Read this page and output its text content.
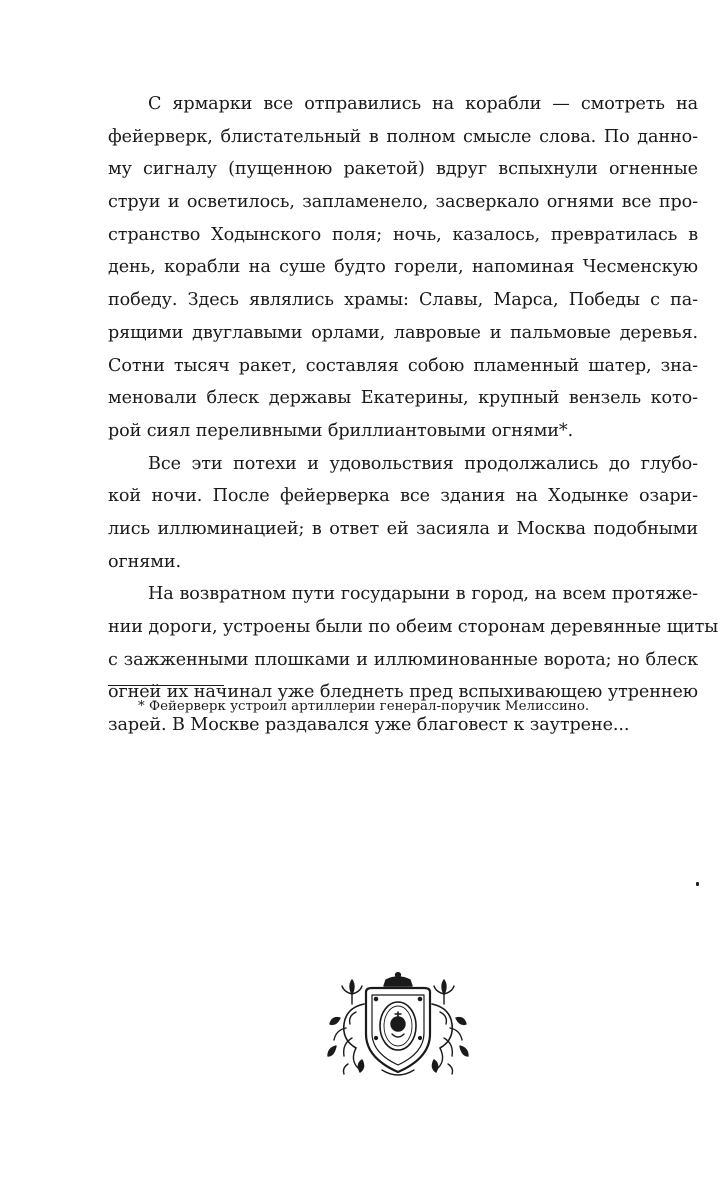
С ярмарки все отправились на корабли — смотреть на
фейерверк, блистательный в полном смысле слова. По данно-
му сигналу (пущенною ракетой) вдруг вспыхнули огненные
струи и осветилось, запламенело, засверкало огнями все про-
странство Ходынского поля; ночь, казалось, превратилась в
день, корабли на суше будто горели, напоминая Чесменскую
победу. Здесь являлись храмы: Славы, Марса, Победы с па-
рящими двуглавыми орлами, лавровые и пальмовые деревья.
Сотни тысяч ракет, составляя собою пламенный шатер, зна-
меновали блеск державы Екатерины, крупный вензель кото-
рой сиял переливными бриллиантовыми огнями*.
Все эти потехи и удовольствия продолжались до глубо-
кой ночи. После фейерверка все здания на Ходынке озари-
лись иллюминацией; в ответ ей засияла и Москва подобными
огнями.
На возвратном пути государыни в город, на всем протяже-
нии дороги, устроены были по обеим сторонам деревянные щиты
с зажженными плошками и иллюминованные ворота; но блеск
огней их начинал уже бледнеть пред вспыхивающею утреннею
зарей. В Москве раздавался уже благовест к заутрене...
* Фейерверк устроил артиллерии генерал-поручик Мелиссино.
